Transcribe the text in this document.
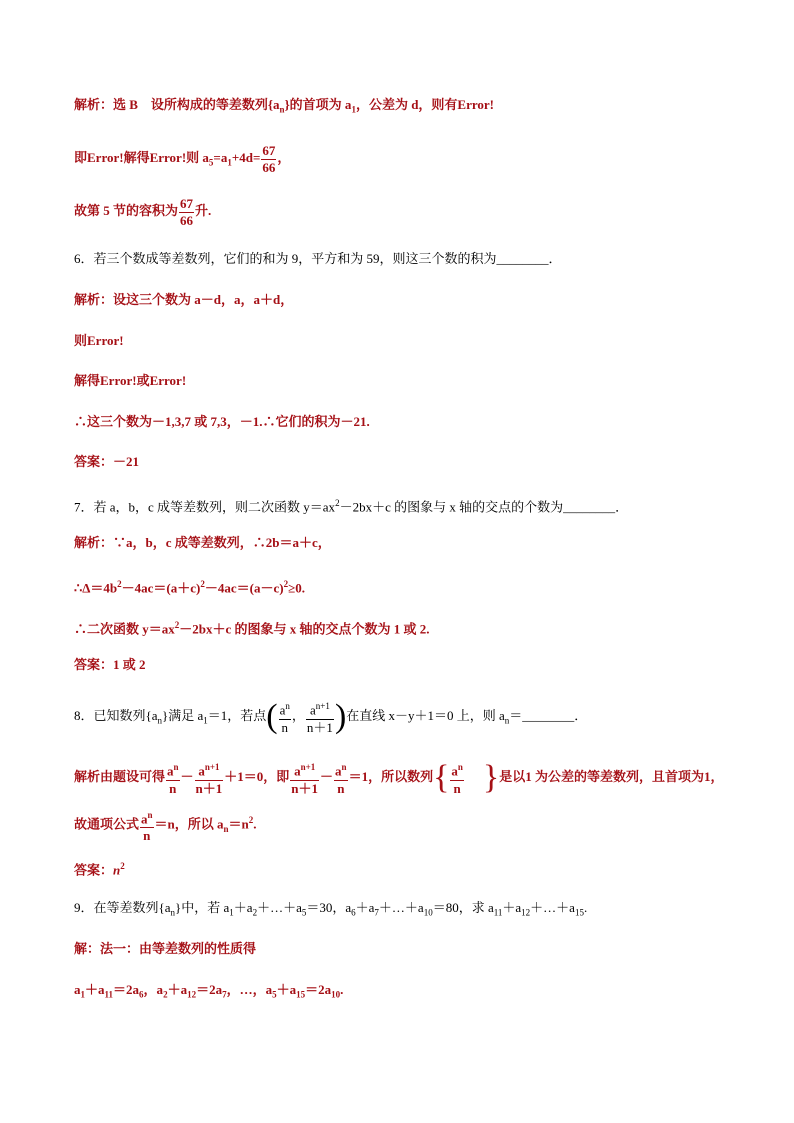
解析：选 B　设所构成的等差数列$\{a_n\}$的首项为 $a_1$，公差为 d，则有Error!
即Error!解得Error!则 $a_5=a_1+4d= \frac{67}{66}$ ，
故第 5 节的容积为 $\frac{67}{66}$ 升.
6．若三个数成等差数列，它们的和为 9，平方和为 59，则这三个数的积为________．
解析：设这三个数为 a－d，a，a＋d，
则Error!
解得Error!或Error!
∴这三个数为－1,3,7 或 7,3，－1.∴它们的积为－21.
答案：－21
7．若 a，b，c 成等差数列，则二次函数 $y=ax^2-2bx+c$ 的图象与 x 轴的交点的个数为________．
解析：∵a，b，c 成等差数列，∴2b＝a＋c，
$\therefore\Delta=4b^2-4ac=(a+c)^2-4ac=(a-c)^2\ge 0$.
∴二次函数 $y=ax^2-2bx+c$ 的图象与 x 轴的交点个数为 1 或 2.
答案：1 或 2
8．已知数列$\{a_n\}$满足 $a_1=1$，若点( $\frac{a^n}{n}$ ， $\frac{a^{n+1}}{n+1}$ )在直线 x－y＋1＝0 上，则 $a_n=\_\_\_\_\_\_\_\_$．
解析由题设可得 $\frac{a^n}{n} - \frac{a^{n+1}}{n+1} +1=0$，即 $\frac{a^{n+1}}{n+1} - \frac{a^n}{n} =1$，所以数列{ $\frac{a^n}{n}$ }是以1 为公差的等差数列，且首项为1，
故通项公式 $\frac{a^n}{n} =n$，所以 $a_n=n^2$.
答案：$n^2$
9．在等差数列$\{a_n\}$中，若 $a_1+a_2+\dots+a_5=30$，$a_6+a_7+\dots+a_{10}=80$，求 $a_{11}+a_{12}+\dots+a_{15}$.
解：法一：由等差数列的性质得
$a_1+a_{11}=2a_6$，$a_2+a_{12}=2a_7$，…，$a_5+a_{15}=2a_{10}$.
